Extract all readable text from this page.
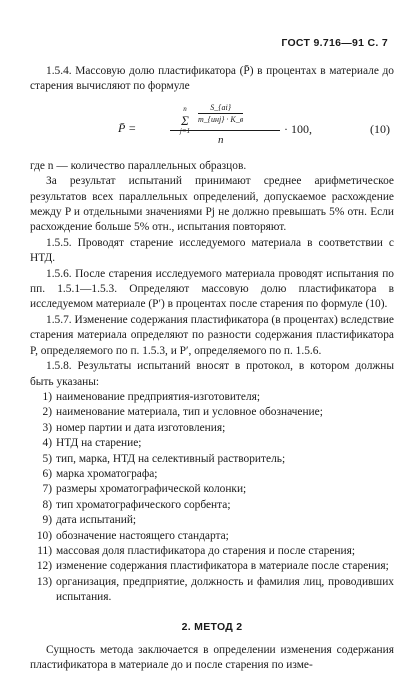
ГОСТ 9.716—91 С. 7

1.5.4. Массовую долю пластификатора (P̄) в процентах в материале до старения вычисляют по формуле

P̄ =
n
Σ
j=1
S_{ai}
m_{инj} · K_в
n
· 100,	(10)

где n — количество параллельных образцов.

За результат испытаний принимают среднее арифметическое результатов всех параллельных определений, допускаемое расхождение между P и отдельными значениями Pj не должно превышать 5% отн. Если расхождение больше 5% отн., испытания повторяют.

1.5.5. Проводят старение исследуемого материала в соответствии с НТД.

1.5.6. После старения исследуемого материала проводят испытания по пп. 1.5.1—1.5.3. Определяют массовую долю пластификатора в исследуемом материале (P′) в процентах после старения по формуле (10).

1.5.7. Изменение содержания пластификатора (в процентах) вследствие старения материала определяют по разности содержания пластификатора P, определяемого по п. 1.5.3, и P′, определяемого по п. 1.5.6.

1.5.8. Результаты испытаний вносят в протокол, в котором должны быть указаны:

1) наименование предприятия-изготовителя;
2) наименование материала, тип и условное обозначение;
3) номер партии и дата изготовления;
4) НТД на старение;
5) тип, марка, НТД на селективный растворитель;
6) марка хроматографа;
7) размеры хроматографической колонки;
8) тип хроматографического сорбента;
9) дата испытаний;
10) обозначение настоящего стандарта;
11) массовая доля пластификатора до старения и после старения;
12) изменение содержания пластификатора в материале после старения;
13) организация, предприятие, должность и фамилия лиц, проводивших испытания.
2. МЕТОД 2

Сущность метода заключается в определении изменения содержания пластификатора в материале до и после старения по изме-
